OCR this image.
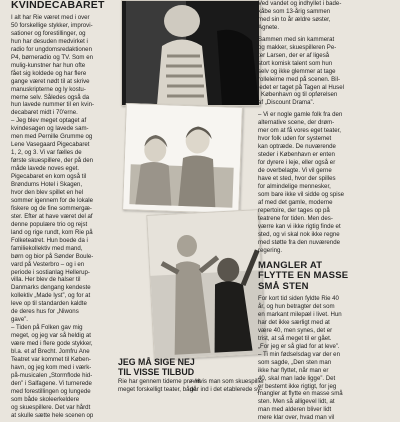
KVINDECABARET

I alt har Rie været med i over

50 forskellige stykker, improvi-

sationer og forestillinger, og

hun har desuden medvirket i

radio for ungdomsredaktionen

P4, børneradio og TV. Som en

mulig-kunstner har hun ofte

fået sig koldede og har flere

gange været nødt til at skrive

manuskripterne og ly kostu-

merne selv. Således også da

hun lavede nummer til en kvin-

decabaret midt i 70'erne.

– Jeg blev meget optaget af

kvindesagen og lavede sam-

men med Pernille Grumme og

Lene Vasegaard Pigecabaret

1, 2, og 3. Vi var fælles de

første skuespillere, der på den

måde lavede noves eget.

Pigecabaret en kom også til

Brøndums Hotel i Skagen,

hvor den blev spillet en hel

sommer igennem for de lokale

fiskere og de fine sommergæ-

ster. Efter at have været del af

denne populære trio og rejst

land og rige rundt, kom Rie på

Folketeatret. Hun boede da i

familiekollektiv med mand,

børn og bior på Sønder Boule-

vard på Vesterbro – og i en

periode i sostianlag Hellerup-

villa. Her blev de halser til

Danmarks dengang kendeste

kollektiv „Made lyst”, og for at

leve op til standarden kaldte

de deres hus for „Niwons

gave”.

– Tiden på Folken gav mig

meget, og jeg var så heldig at

være med i flere gode stykker,

bl.a. et af Brecht. Jomfru Ane

Teatret var kommet til Køben-

havn, og jeg kom med i værk-

på-musicalen „Stormflode hid-

den” i Salfagene. Vi turnerede

med forestillingen og lungede

som både skoleerkeldere

og skuespillere. Det var hårdt

at skulle sætte hele scenen op

JEG MÅ SIGE NEJ
TIL VISSE TILBUD

Rie har gennem tiderne prøvet

meget forskelligt teater, både

– Hvis man som skuespiller

går ind i det etablerede sy-

Ved vandet og indhyllet i bade-

kåbe som 13-årig sammen

med sin to år ældre søster,

Agnete.

Sammen med sin kammerat

og makker, skuespilleren Pe-

ter Larsen, der er af ligeså

stort komisk talent som hun

selv og ikke glemmer at tage

rolleleirne med på scenen. Bil-

ledet er taget på Tagen al Husel

i København og til opførelsen

af „Discount Drama”.

– Vi er nogle gamle folk fra den

alternative scene, der drøm-

mer om at få vores eget teater,

hvor folk uden for systemet

kan optræde. De nuværende

steder i København er enten

for dyrere i leje, eller også er

de overbelagte. Vi vil gerne

have et sted, hvor der spilles

for almindelige mennesker,

som bare ikke vil sidde og spise

af med det gamle, moderne

repertoire, der tages op på

teatrene for tiden. Men des-

værre kan vi ikke rigtig finde et

sted, og vi skal nok ikke regne

med støtte fra den nuværende

regering.

MANGLER AT
FLYTTE EN MASSE
SMÅ STEN

For kort tid siden fyldte Rie 40

år, og hun betragter det som

en markant milepæl i livet. Hun

har det ikke særligt med at

være 40, men synes, det er

trist, at så meget til er gået.

„For jeg er så glad for at leve”.

– Ti min fødselsdag var der en

som sagde, „Den sten man

ikke har flyttet, når man er

40, skal man lade ligge”. Det

er bestemt ikke rigtigt, for jeg

mangler at flytte en masse små

sten. Men så alligevel lidt, at

man med alderen bliver lidt

mere klar over, hvad man vil
